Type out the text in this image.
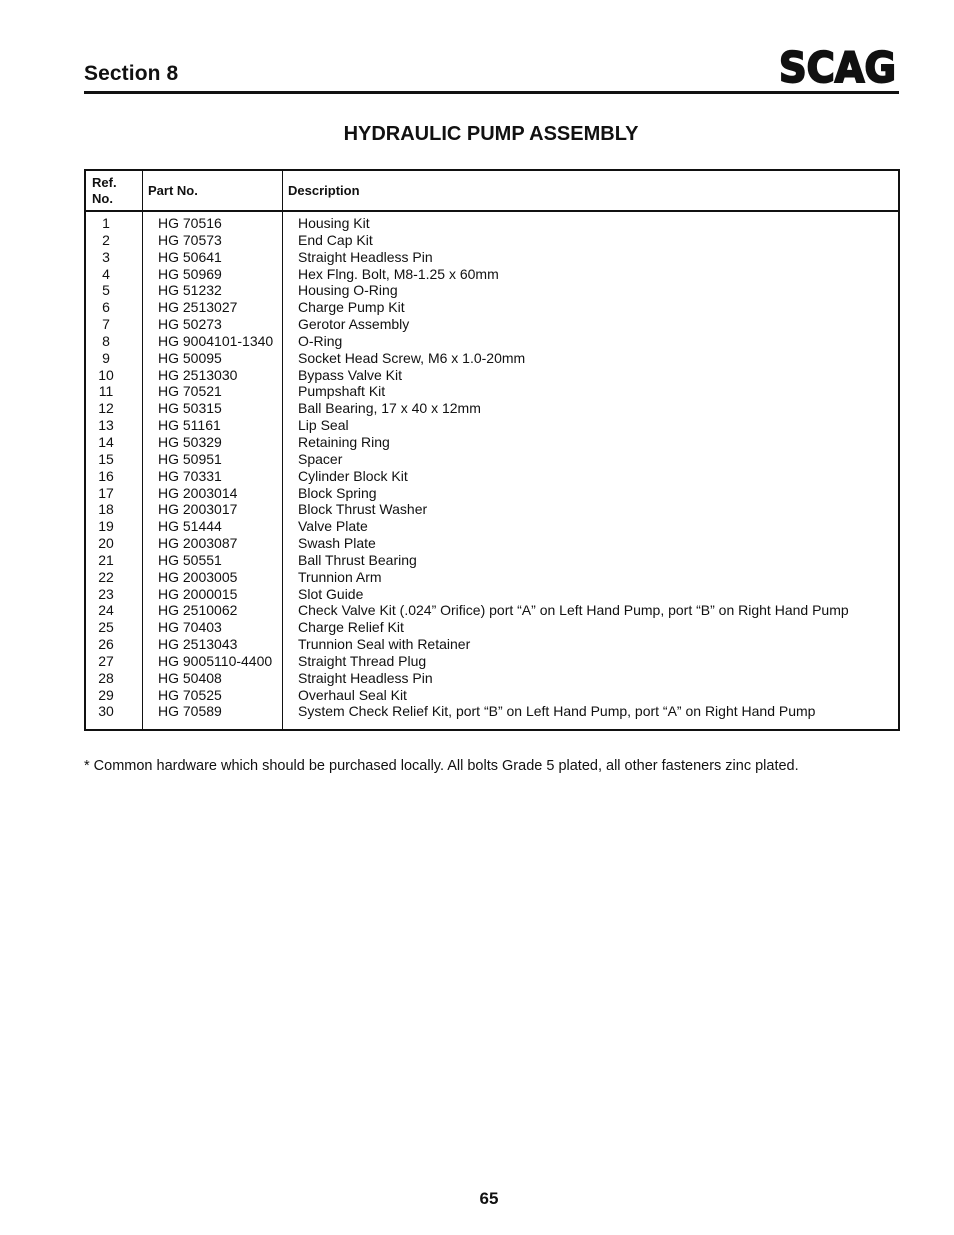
Section 8	SCAG
HYDRAULIC PUMP ASSEMBLY
Ref.
No.
Part No.	Description
1	HG 70516	Housing Kit
2	HG 70573	End Cap Kit
3	HG 50641	Straight Headless Pin
4	HG 50969	Hex Flng. Bolt, M8-1.25 x 60mm
5	HG 51232	Housing O-Ring
6	HG 2513027	Charge Pump Kit
7	HG 50273	Gerotor Assembly
8	HG 9004101-1340 O-Ring
9	HG 50095	Socket Head Screw, M6 x 1.0-20mm
10	HG 2513030	Bypass Valve Kit
11	HG 70521	Pumpshaft Kit
12	HG 50315	Ball Bearing, 17 x 40 x 12mm
13	HG 51161	Lip Seal
14	HG 50329	Retaining Ring
15	HG 50951	Spacer
16	HG 70331	Cylinder Block Kit
17	HG 2003014	Block Spring
18	HG 2003017	Block Thrust Washer
19	HG 51444	Valve Plate
20	HG 2003087	Swash Plate
21	HG 50551	Ball Thrust Bearing
22	HG 2003005	Trunnion Arm
23	HG 2000015	Slot Guide
24	HG 2510062	Check Valve Kit (.024” Orifice) port “A” on Left Hand Pump, port “B” on Right Hand Pump
25	HG 70403	Charge Relief Kit
26	HG 2513043	Trunnion Seal with Retainer
27	HG 9005110-4400 Straight Thread Plug
28	HG 50408	Straight Headless Pin
29	HG 70525	Overhaul Seal Kit
30	HG 70589	System Check Relief Kit, port “B” on Left Hand Pump, port “A” on Right Hand Pump
* Common hardware which should be purchased locally. All bolts Grade 5 plated, all other fasteners zinc plated.
65
